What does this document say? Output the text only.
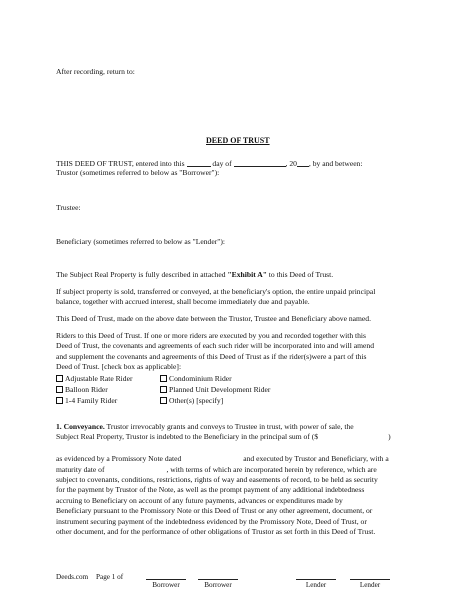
After recording, return to:
DEED OF TRUST
THIS DEED OF TRUST, entered into this	day of	, 20 , by and between:
Trustor (sometimes referred to below as "Borrower"):
Trustee:
Beneficiary (sometimes referred to below as "Lender"):
The Subject Real Property is fully described in attached "Exhibit A" to this Deed of Trust.
If subject property is sold, transferred or conveyed, at the beneficiary's option, the entire unpaid principal
balance, together with accrued interest, shall become immediately due and payable.
This Deed of Trust, made on the above date between the Trustor, Trustee and Beneficiary above named.
Riders to this Deed of Trust. If one or more riders are executed by you and recorded together with this
Deed of Trust, the covenants and agreements of each such rider will be incorporated into and will amend
and supplement the covenants and agreements of this Deed of Trust as if the rider(s)were a part of this
Deed of Trust. [check box as applicable]:
Adjustable Rate Rider
Balloon Rider
1-4 Family Rider
Condominium Rider
Planned Unit Development Rider
Other(s) [specify]
1. Conveyance. Trustor irrevocably grants and conveys to Trustee in trust, with power of sale, the
Subject Real Property, Trustor is indebted to the Beneficiary in the principal sum of ($	)
as evidenced by a Promissory Note dated	and executed by Trustor and Beneficiary, with a
maturity date of	, with terms of which are incorporated herein by reference, which are
subject to covenants, conditions, restrictions, rights of way and easements of record, to be held as security
for the payment by Trustor of the Note, as well as the prompt payment of any additional indebtedness
accruing to Beneficiary on account of any future payments, advances or expenditures made by
Beneficiary pursuant to the Promissory Note or this Deed of Trust or any other agreement, document, or
instrument securing payment of the indebtedness evidenced by the Promissory Note, Deed of Trust, or
other document, and for the performance of other obligations of Trustor as set forth in this Deed of Trust.
Deeds.com Page 1 of
Borrower	Borrower	Lender	Lender
